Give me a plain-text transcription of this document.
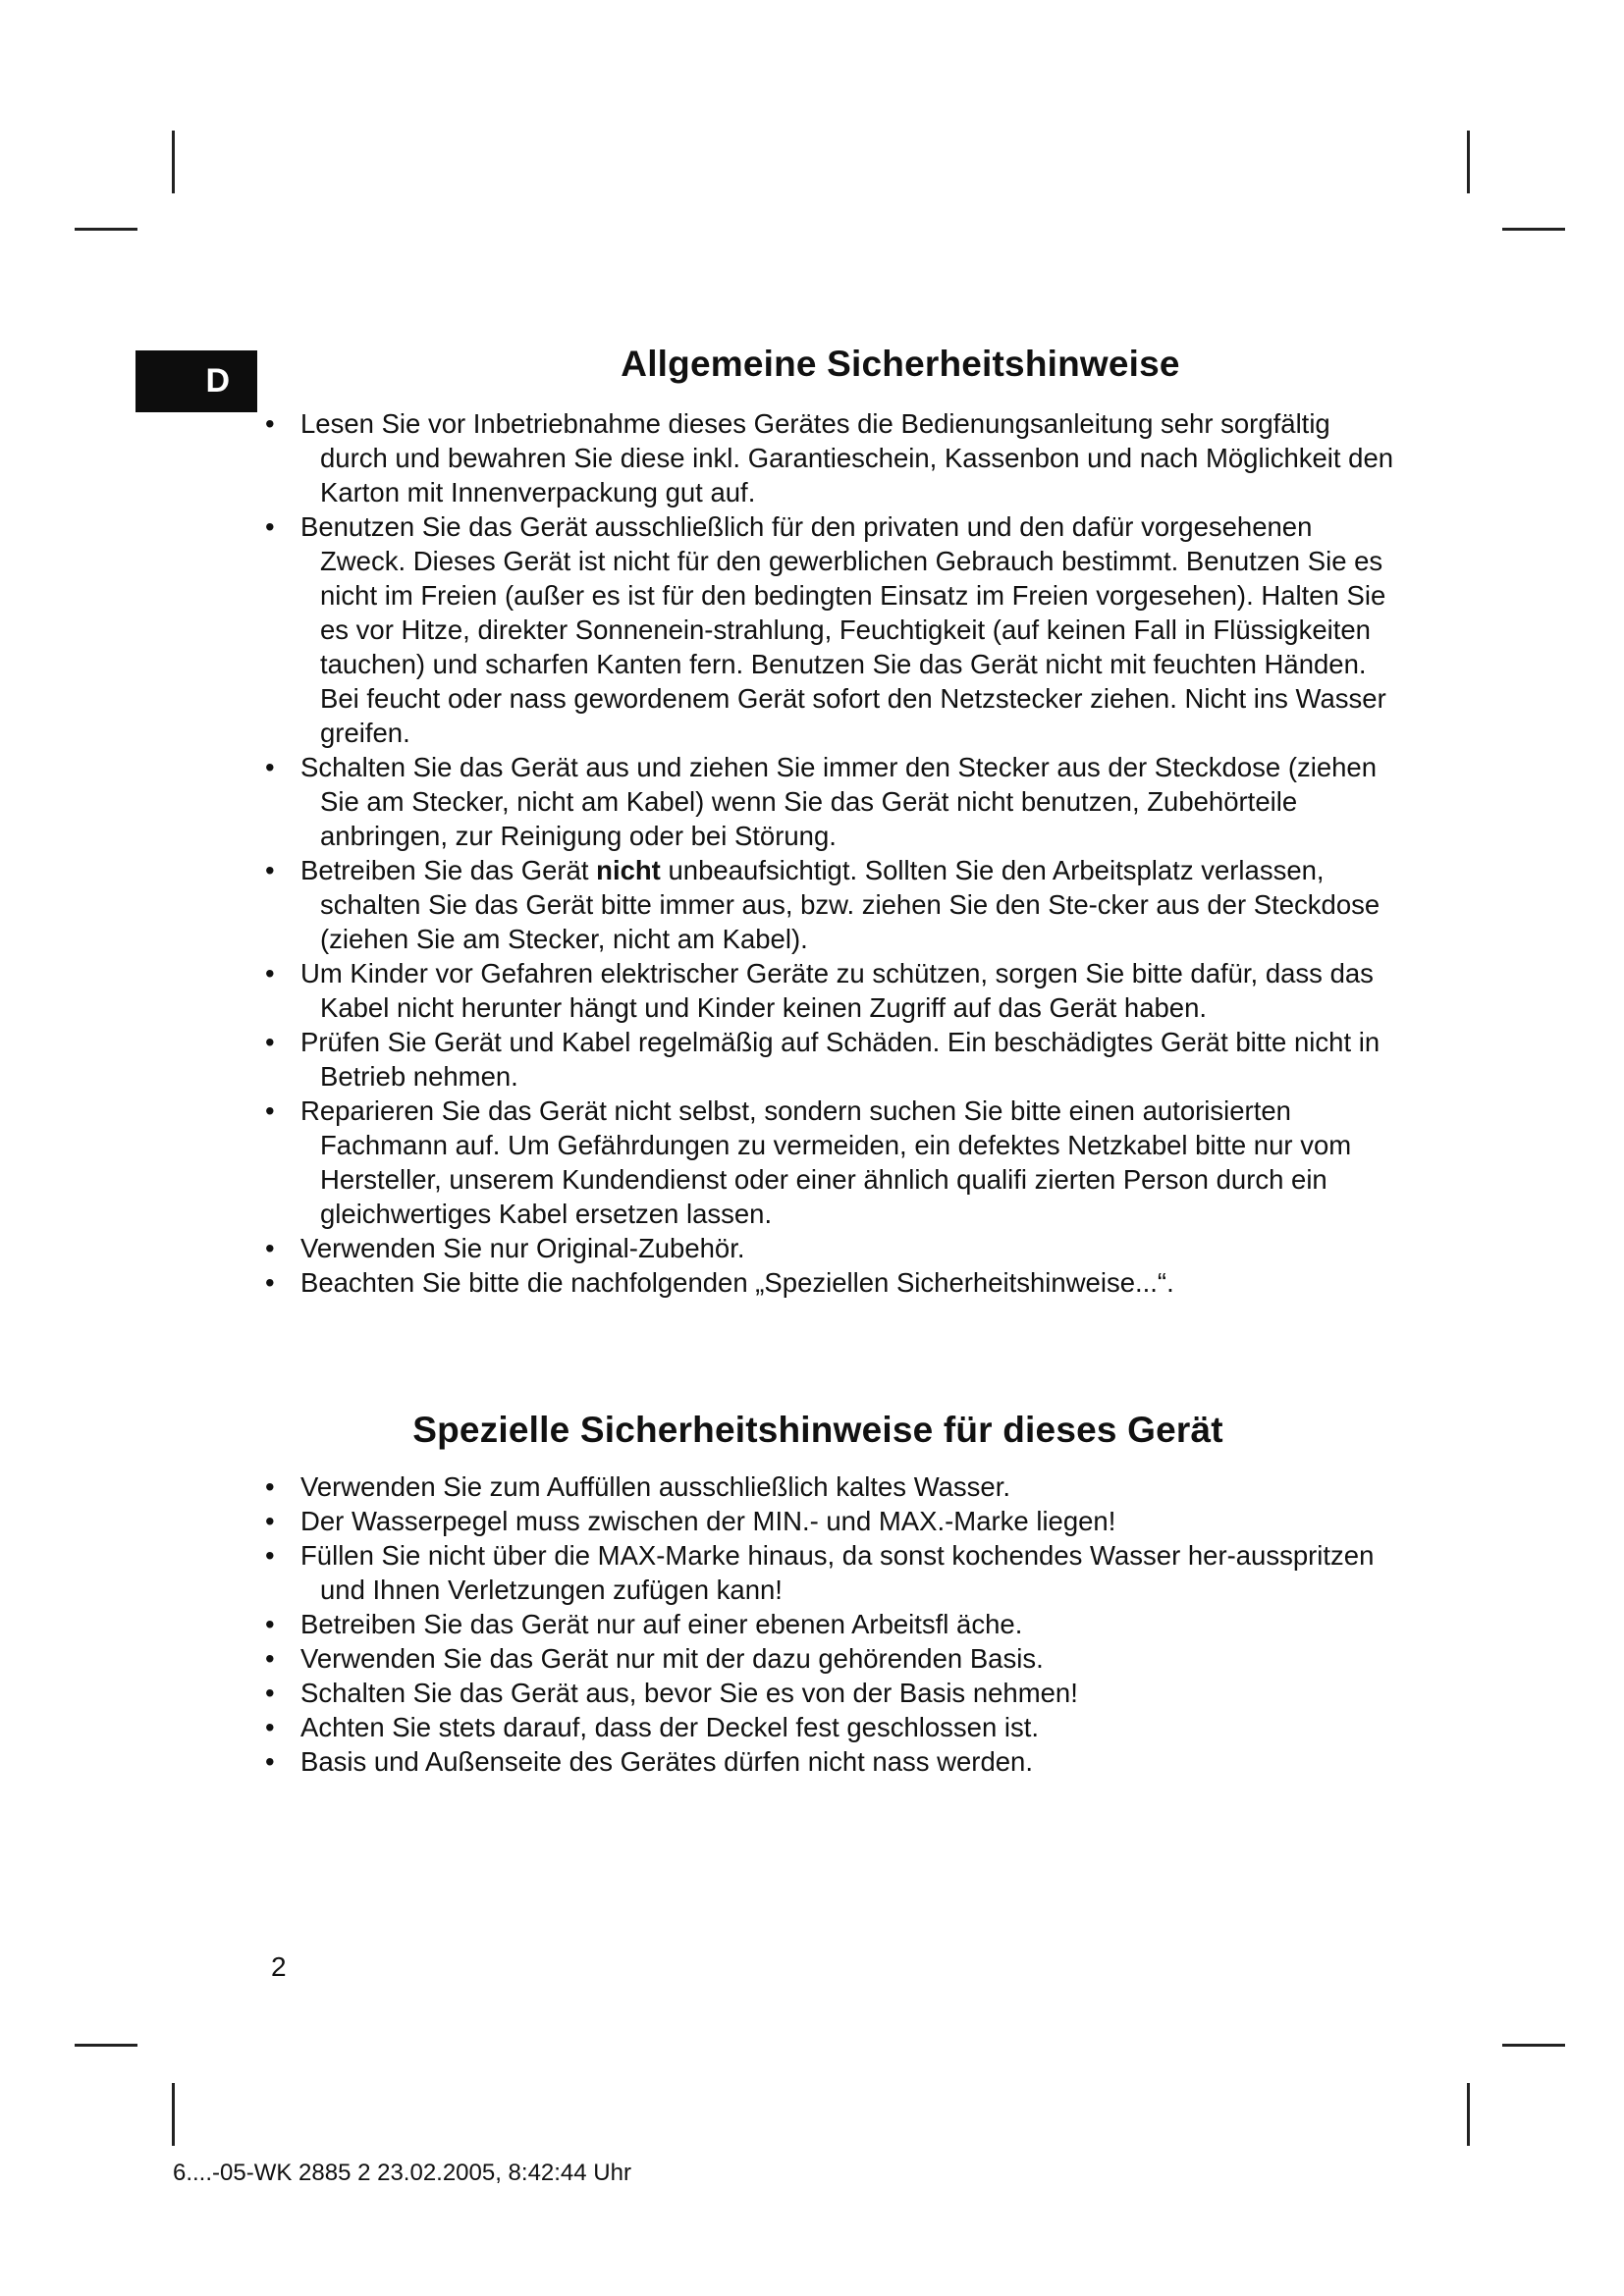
D	Allgemeine Sicherheitshinweise
• Lesen Sie vor Inbetriebnahme dieses Gerätes die Bedienungsanleitung sehr sorgfältig durch und bewahren Sie diese inkl. Garantieschein, Kassenbon und nach Möglichkeit den Karton mit Innenverpackung gut auf.
• Benutzen Sie das Gerät ausschließlich für den privaten und den dafür vorgesehenen Zweck. Dieses Gerät ist nicht für den gewerblichen Gebrauch bestimmt. Benutzen Sie es nicht im Freien (außer es ist für den bedingten Einsatz im Freien vorgesehen). Halten Sie es vor Hitze, direkter Sonnenein-strahlung, Feuchtigkeit (auf keinen Fall in Flüssigkeiten tauchen) und scharfen Kanten fern. Benutzen Sie das Gerät nicht mit feuchten Händen. Bei feucht oder nass gewordenem Gerät sofort den Netzstecker ziehen. Nicht ins Wasser greifen.
• Schalten Sie das Gerät aus und ziehen Sie immer den Stecker aus der Steckdose (ziehen Sie am Stecker, nicht am Kabel) wenn Sie das Gerät nicht benutzen, Zubehörteile anbringen, zur Reinigung oder bei Störung.
• Betreiben Sie das Gerät nicht unbeaufsichtigt. Sollten Sie den Arbeitsplatz verlassen, schalten Sie das Gerät bitte immer aus, bzw. ziehen Sie den Ste-cker aus der Steckdose (ziehen Sie am Stecker, nicht am Kabel).
• Um Kinder vor Gefahren elektrischer Geräte zu schützen, sorgen Sie bitte dafür, dass das Kabel nicht herunter hängt und Kinder keinen Zugriff auf das Gerät haben.
• Prüfen Sie Gerät und Kabel regelmäßig auf Schäden. Ein beschädigtes Gerät bitte nicht in Betrieb nehmen.
• Reparieren Sie das Gerät nicht selbst, sondern suchen Sie bitte einen autorisierten Fachmann auf. Um Gefährdungen zu vermeiden, ein defektes Netzkabel bitte nur vom Hersteller, unserem Kundendienst oder einer ähnlich qualifi zierten Person durch ein gleichwertiges Kabel ersetzen lassen.
• Verwenden Sie nur Original-Zubehör.
• Beachten Sie bitte die nachfolgenden „Speziellen Sicherheitshinweise...“.
Spezielle Sicherheitshinweise für dieses Gerät
• Verwenden Sie zum Auffüllen ausschließlich kaltes Wasser.
• Der Wasserpegel muss zwischen der MIN.- und MAX.-Marke liegen!
• Füllen Sie nicht über die MAX-Marke hinaus, da sonst kochendes Wasser her-ausspritzen und Ihnen Verletzungen zufügen kann!
• Betreiben Sie das Gerät nur auf einer ebenen Arbeitsfl äche.
• Verwenden Sie das Gerät nur mit der dazu gehörenden Basis.
• Schalten Sie das Gerät aus, bevor Sie es von der Basis nehmen!
• Achten Sie stets darauf, dass der Deckel fest geschlossen ist.
• Basis und Außenseite des Gerätes dürfen nicht nass werden.
2
6....-05-WK 2885 2 23.02.2005, 8:42:44 Uhr
